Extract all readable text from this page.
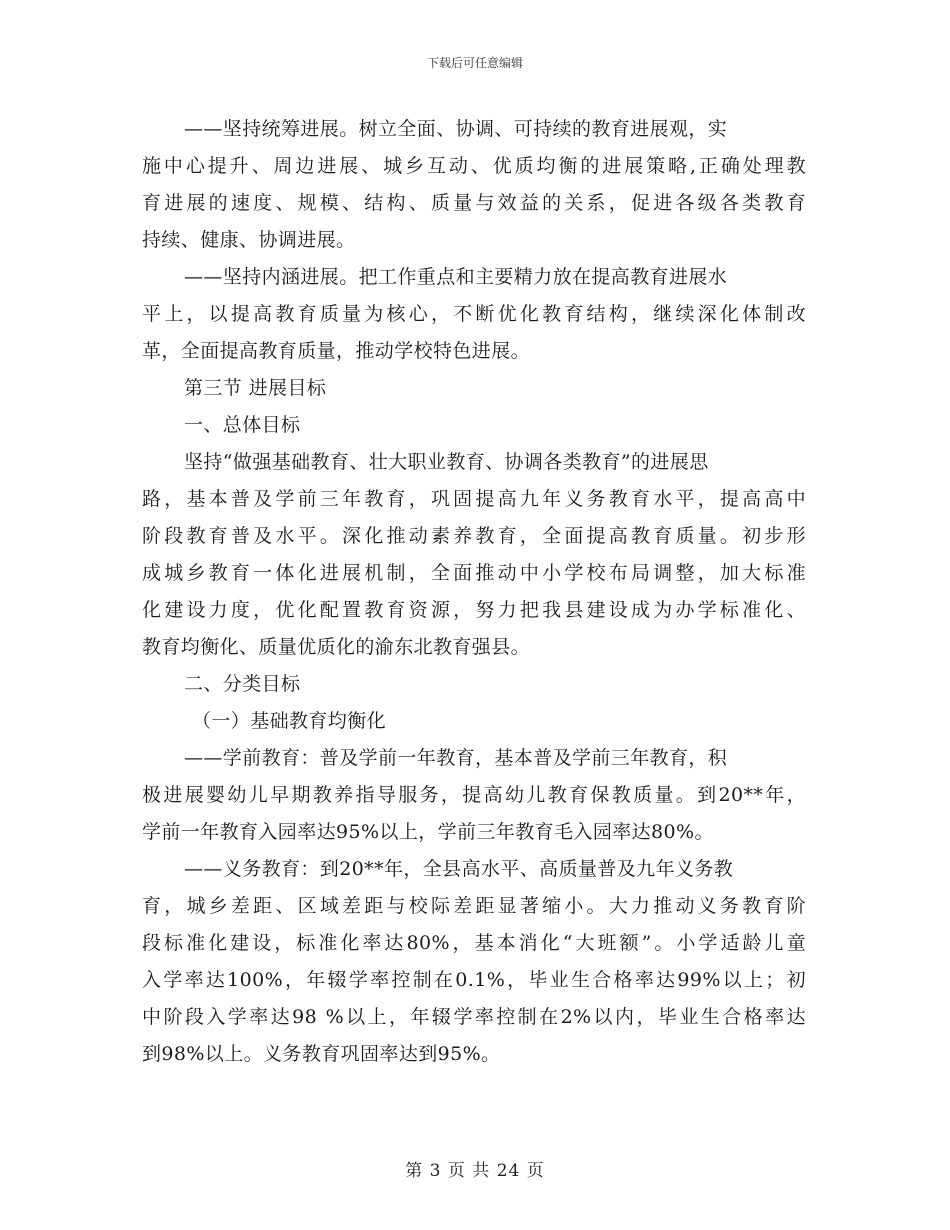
下载后可任意编辑
——坚持统筹进展。树立全面、协调、可持续的教育进展观，实
施中心提升、周边进展、城乡互动、优质均衡的进展策略,正确处理教
育进展的速度、规模、结构、质量与效益的关系，促进各级各类教育
持续、健康、协调进展。
——坚持内涵进展。把工作重点和主要精力放在提高教育进展水
平上，以提高教育质量为核心，不断优化教育结构，继续深化体制改
革，全面提高教育质量，推动学校特色进展。
第三节 进展目标
一、总体目标
坚持“做强基础教育、壮大职业教育、协调各类教育”的进展思
路，基本普及学前三年教育，巩固提高九年义务教育水平，提高高中
阶段教育普及水平。深化推动素养教育，全面提高教育质量。初步形
成城乡教育一体化进展机制，全面推动中小学校布局调整，加大标准
化建设力度，优化配置教育资源，努力把我县建设成为办学标准化、
教育均衡化、质量优质化的渝东北教育强县。
二、分类目标
（一）基础教育均衡化
——学前教育：普及学前一年教育，基本普及学前三年教育，积
极进展婴幼儿早期教养指导服务，提高幼儿教育保教质量。到20**年，
学前一年教育入园率达95%以上，学前三年教育毛入园率达80%。
——义务教育：到20**年，全县高水平、高质量普及九年义务教
育，城乡差距、区域差距与校际差距显著缩小。大力推动义务教育阶
段标准化建设，标准化率达80%，基本消化“大班额”。小学适龄儿童
入学率达100%，年辍学率控制在0.1%，毕业生合格率达99%以上；初
中阶段入学率达98 %以上，年辍学率控制在2%以内，毕业生合格率达
到98%以上。义务教育巩固率达到95%。
第 3 页 共 24 页
